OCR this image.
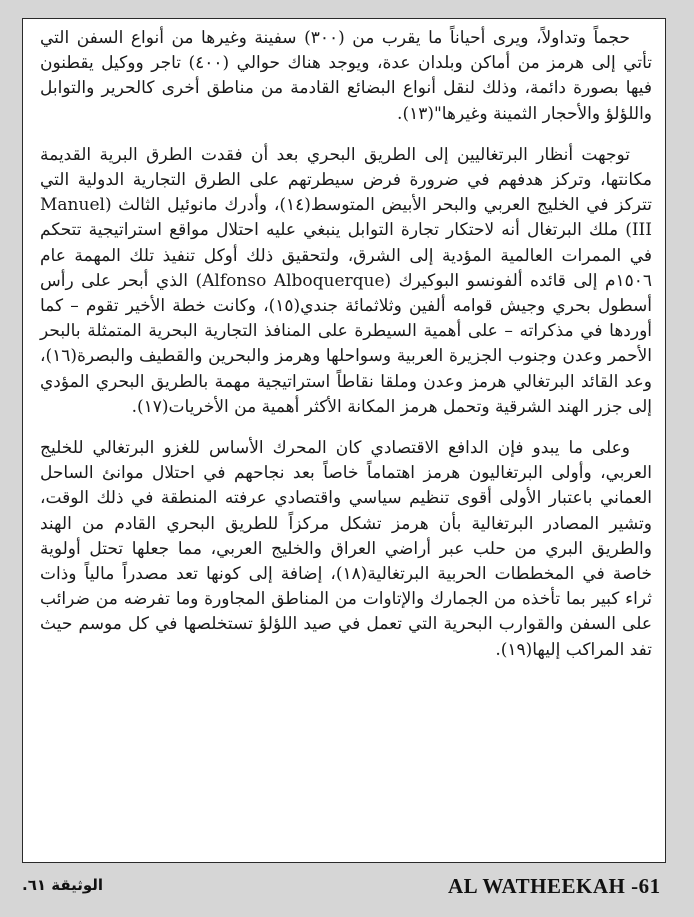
حجماً وتداولاً، ويرى أحياناً ما يقرب من (٣٠٠) سفينة وغيرها من أنواع السفن التي تأتي إلى هرمز من أماكن وبلدان عدة، ويوجد هناك حوالي (٤٠٠) تاجر ووكيل يقطنون فيها بصورة دائمة، وذلك لنقل أنواع البضائع القادمة من مناطق أخرى كالحرير والتوابل واللؤلؤ والأحجار الثمينة وغيرها"(١٣).

توجهت أنظار البرتغاليين إلى الطريق البحري بعد أن فقدت الطرق البرية القديمة مكانتها، وتركز هدفهم في ضرورة فرض سيطرتهم على الطرق التجارية الدولية التي تتركز في الخليج العربي والبحر الأبيض المتوسط(١٤)، وأدرك مانوئيل الثالث (Manuel III) ملك البرتغال أنه لاحتكار تجارة التوابل ينبغي عليه احتلال مواقع استراتيجية تتحكم في الممرات العالمية المؤدية إلى الشرق، ولتحقيق ذلك أوكل تنفيذ تلك المهمة عام ١٥٠٦م إلى قائده ألفونسو البوكيرك (Alfonso Alboquerque) الذي أبحر على رأس أسطول بحري وجيش قوامه ألفين وثلاثمائة جندي(١٥)، وكانت خطة الأخير تقوم – كما أوردها في مذكراته – على أهمية السيطرة على المنافذ التجارية البحرية المتمثلة بالبحر الأحمر وعدن وجنوب الجزيرة العربية وسواحلها وهرمز والبحرين والقطيف والبصرة(١٦)، وعد القائد البرتغالي هرمز وعدن وملقا نقاطاً استراتيجية مهمة بالطريق البحري المؤدي إلى جزر الهند الشرقية وتحمل هرمز المكانة الأكثر أهمية من الأخريات(١٧).

وعلى ما يبدو فإن الدافع الاقتصادي كان المحرك الأساس للغزو البرتغالي للخليج العربي، وأولى البرتغاليون هرمز اهتماماً خاصاً بعد نجاحهم في احتلال موانئ الساحل العماني باعتبار الأولى أقوى تنظيم سياسي واقتصادي عرفته المنطقة في ذلك الوقت، وتشير المصادر البرتغالية بأن هرمز تشكل مركزاً للطريق البحري القادم من الهند والطريق البري من حلب عبر أراضي العراق والخليج العربي، مما جعلها تحتل أولوية خاصة في المخططات الحربية البرتغالية(١٨)، إضافة إلى كونها تعد مصدراً مالياً وذات ثراء كبير بما تأخذه من الجمارك والإتاوات من المناطق المجاورة وما تفرضه من ضرائب على السفن والقوارب البحرية التي تعمل في صيد اللؤلؤ تستخلصها في كل موسم حيث تفد المراكب إليها(١٩).

AL WATHEEKAH -61
الوثيقة ٦١.
